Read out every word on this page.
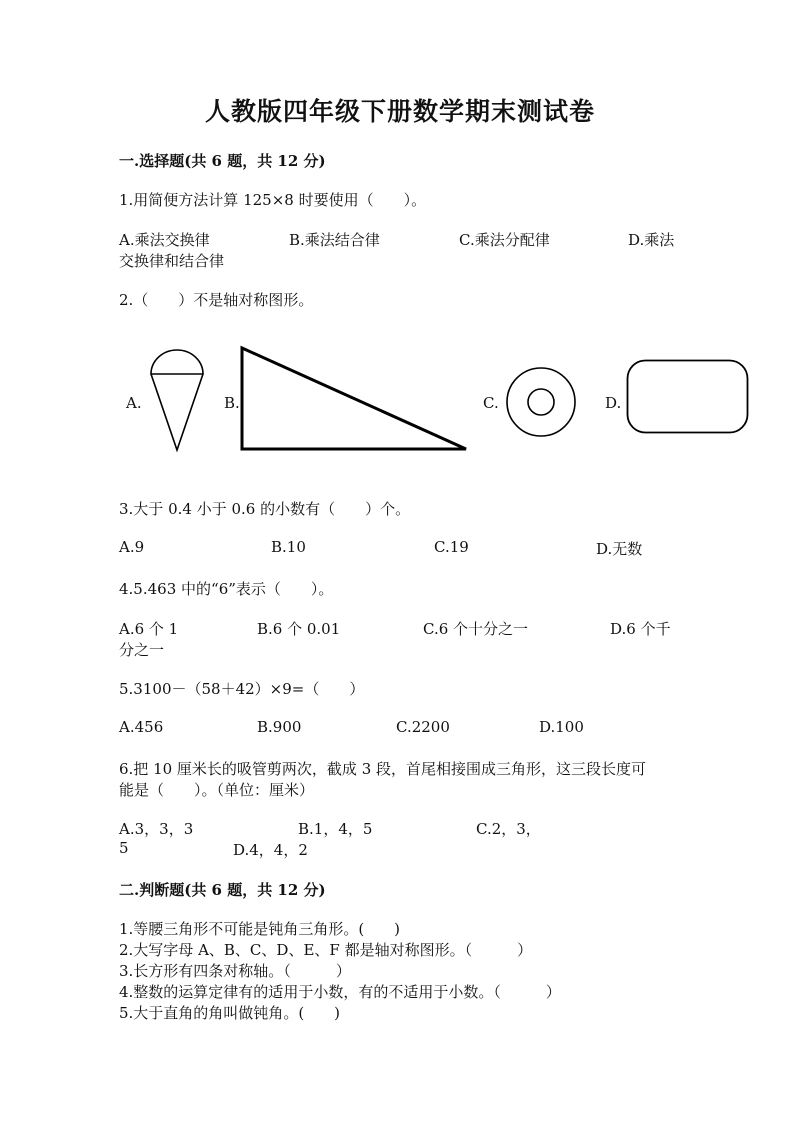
人教版四年级下册数学期末测试卷
一.选择题(共 6 题，共 12 分)
1.用简便方法计算 125×8 时要使用（　　）。
A.乘法交换律	B.乘法结合律	C.乘法分配律	D.乘法
交换律和结合律
2.（　　）不是轴对称图形。
A.	B.	C.	D.
3.大于 0.4 小于 0.6 的小数有（　　）个。
A.9	B.10	C.19	D.无数
4.5.463 中的“6”表示（　　）。
A.6 个 1	B.6 个 0.01	C.6 个十分之一	D.6 个千
分之一
5.3100－（58＋42）×9=（　　）
A.456	B.900	C.2200	D.100
6.把 10 厘米长的吸管剪两次，截成 3 段，首尾相接围成三角形，这三段长度可
能是（　　）。（单位：厘米）
A.3，3，3	B.1，4，5	C.2，3，
5	D.4，4，2
二.判断题(共 6 题，共 12 分)
1.等腰三角形不可能是钝角三角形。(　　)
2.大写字母 A、B、C、D、E、F 都是轴对称图形。（　　　）
3.长方形有四条对称轴。（　　　）
4.整数的运算定律有的适用于小数，有的不适用于小数。（　　　）
5.大于直角的角叫做钝角。(　　)
